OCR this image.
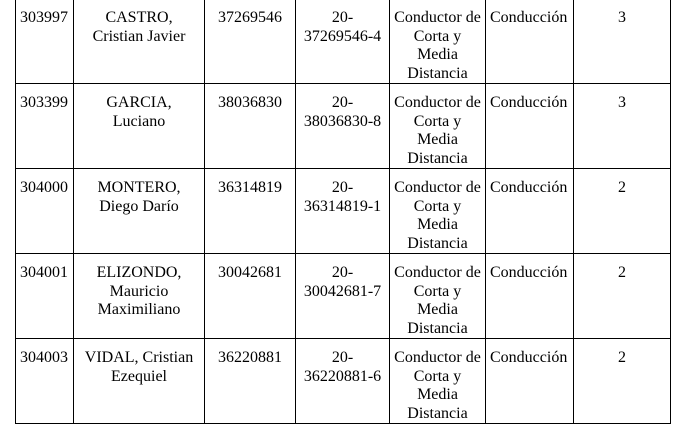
303997	CASTRO,
Cristian Javier	37269546	20-
37269546-4	Conductor de
Corta y
Media
Distancia	Conducción	3
303399	GARCIA,
Luciano	38036830	20-
38036830-8	Conductor de
Corta y
Media
Distancia	Conducción	3
304000	MONTERO,
Diego Darío	36314819	20-
36314819-1	Conductor de
Corta y
Media
Distancia	Conducción	2
304001	ELIZONDO,
Mauricio
Maximiliano	30042681	20-
30042681-7	Conductor de
Corta y
Media
Distancia	Conducción	2
304003	VIDAL, Cristian
Ezequiel	36220881	20-
36220881-6	Conductor de
Corta y
Media
Distancia	Conducción	2
